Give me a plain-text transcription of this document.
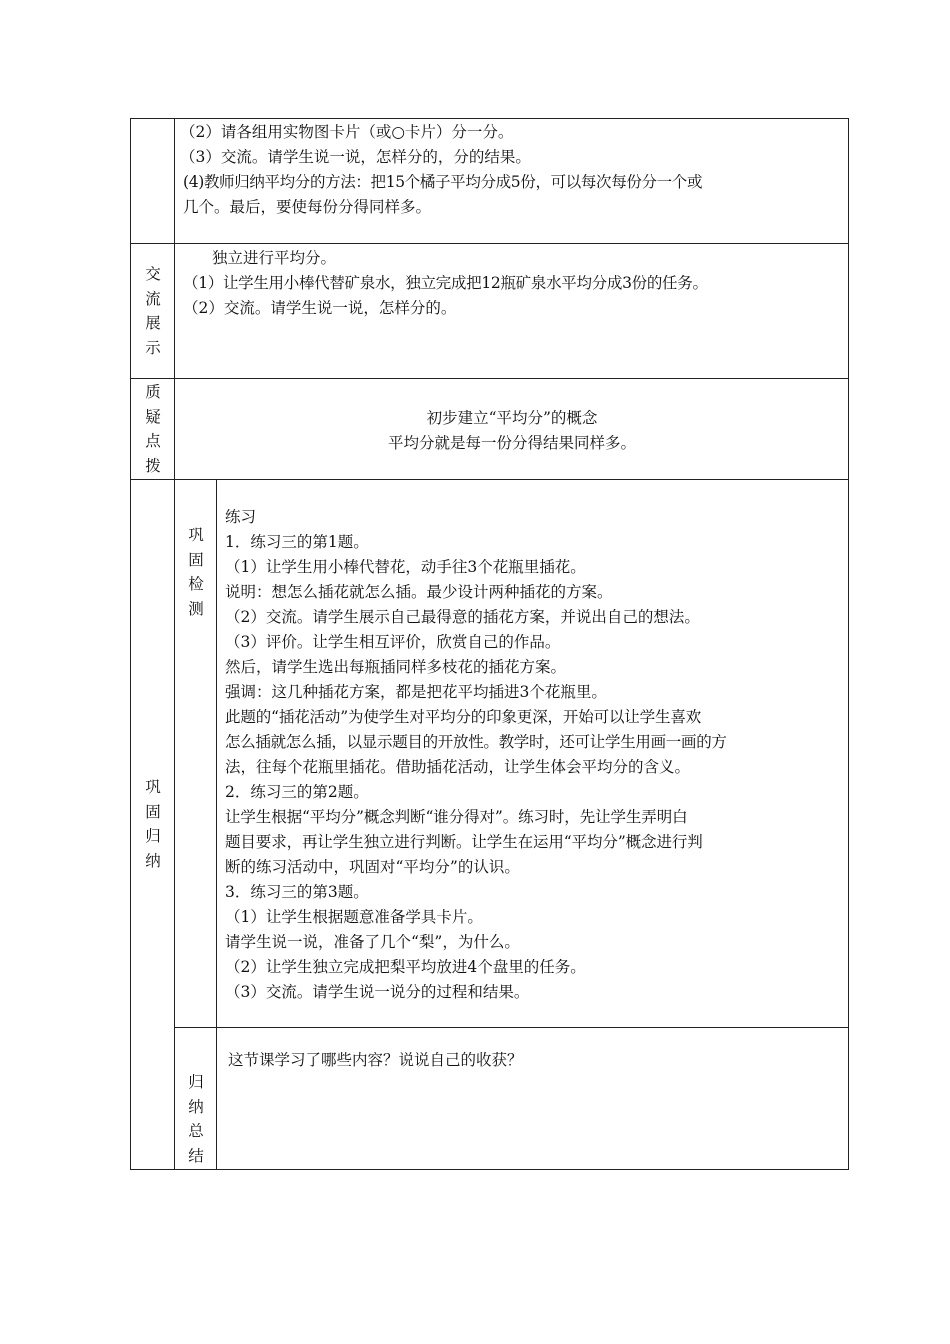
（2）请各组用实物图卡片（或○卡片）分一分。
（3）交流。请学生说一说，怎样分的，分的结果。
(4)教师归纳平均分的方法：把15个橘子平均分成5份，可以每次每份分一个或
几个。最后，要使每份分得同样多。
交
流
展
示
独立进行平均分。
（1）让学生用小棒代替矿泉水，独立完成把12瓶矿泉水平均分成3份的任务。
（2）交流。请学生说一说，怎样分的。
质
疑
点
拨
初步建立“平均分”的概念
平均分就是每一份分得结果同样多。
巩
固
归
纳
巩
固
检
测
练习
1．练习三的第1题。
（1）让学生用小棒代替花，动手往3个花瓶里插花。
说明：想怎么插花就怎么插。最少设计两种插花的方案。
（2）交流。请学生展示自己最得意的插花方案，并说出自己的想法。
（3）评价。让学生相互评价，欣赏自己的作品。
然后，请学生选出每瓶插同样多枝花的插花方案。
强调：这几种插花方案，都是把花平均插进3个花瓶里。
此题的“插花活动”为使学生对平均分的印象更深，开始可以让学生喜欢
怎么插就怎么插，以显示题目的开放性。教学时，还可让学生用画一画的方
法，往每个花瓶里插花。借助插花活动，让学生体会平均分的含义。
2．练习三的第2题。
让学生根据“平均分”概念判断“谁分得对”。练习时，先让学生弄明白
题目要求，再让学生独立进行判断。让学生在运用“平均分”概念进行判
断的练习活动中，巩固对“平均分”的认识。
3．练习三的第3题。
（1）让学生根据题意准备学具卡片。
请学生说一说，准备了几个“梨”，为什么。
（2）让学生独立完成把梨平均放进4个盘里的任务。
（3）交流。请学生说一说分的过程和结果。
归
纳
总
结
这节课学习了哪些内容？说说自己的收获？
